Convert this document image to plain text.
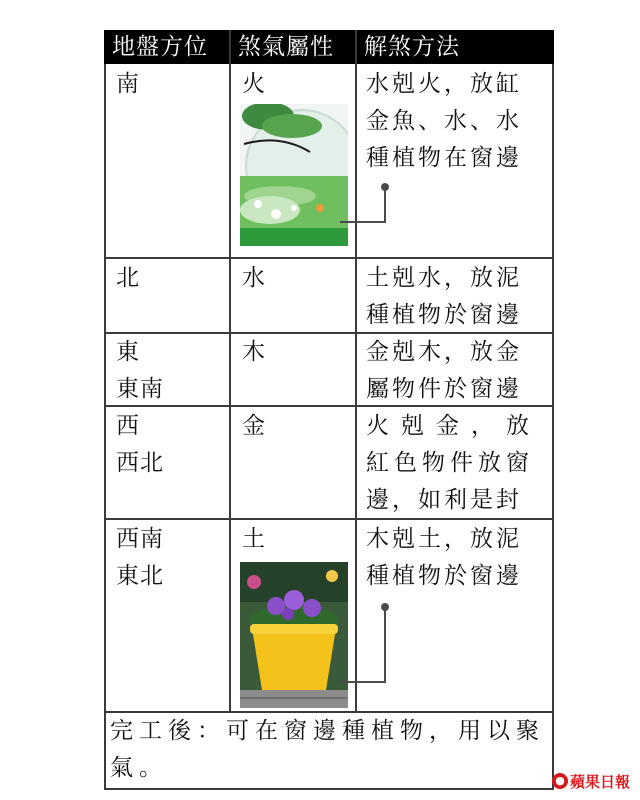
地盤方位	煞氣屬性	解煞方法
南	火	水剋火，放缸
金魚、水、水
種植物在窗邊
北	水	土剋水，放泥
種植物於窗邊
東
東南
木	金剋木，放金
屬物件於窗邊
西
西北
金	火剋金，放
紅色物件放窗
邊，如利是封
西南
東北
土	木剋土，放泥
種植物於窗邊
完工後：可在窗邊種植物，用以聚氣。	● 蘋果日報
